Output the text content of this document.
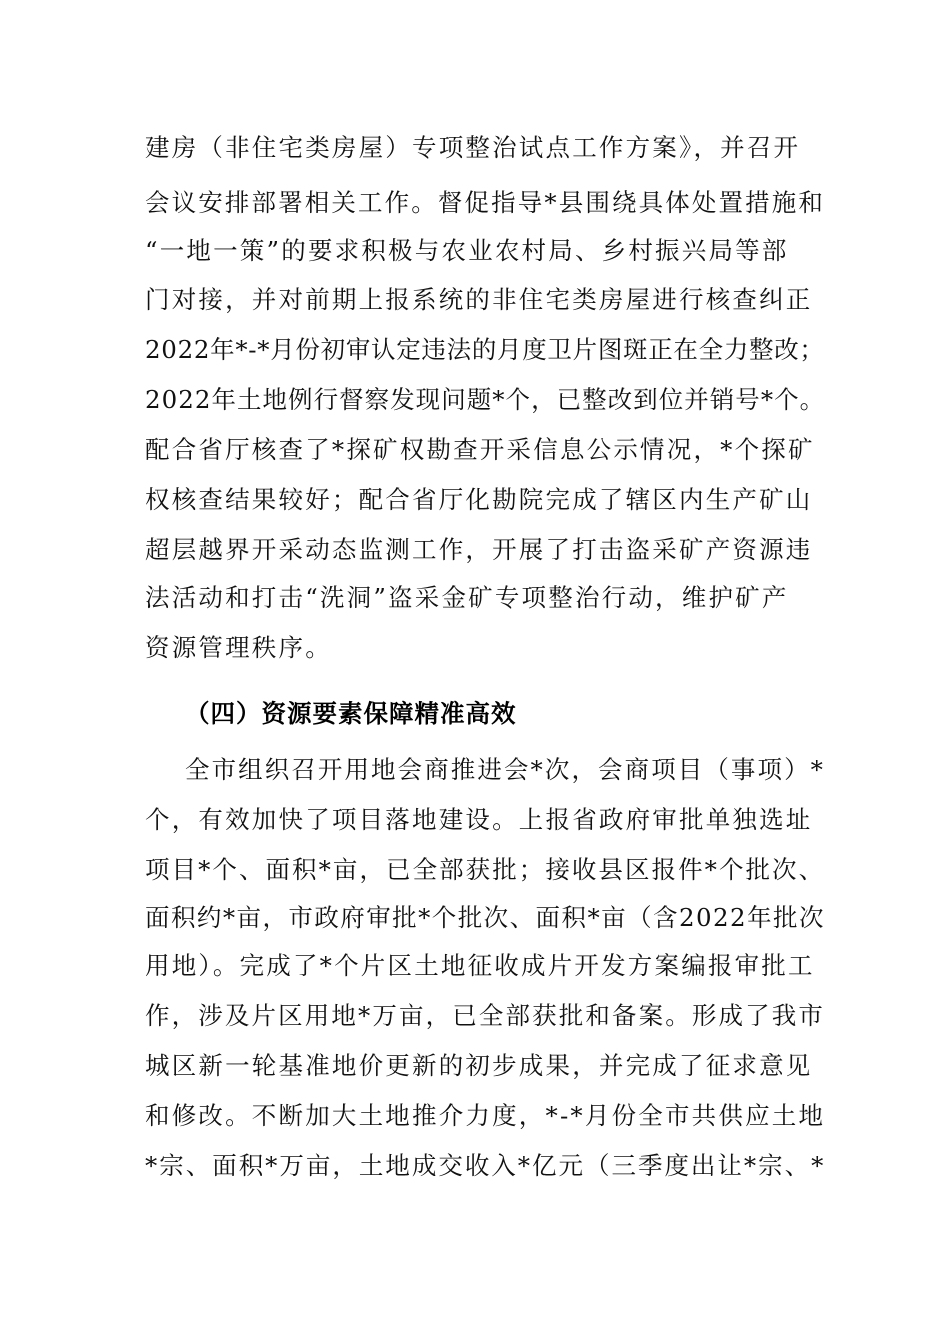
建房（非住宅类房屋）专项整治试点工作方案》，并召开
会议安排部署相关工作。督促指导*县围绕具体处置措施和
“一地一策”的要求积极与农业农村局、乡村振兴局等部
门对接，并对前期上报系统的非住宅类房屋进行核查纠正
2022年*-*月份初审认定违法的月度卫片图斑正在全力整改；
2022年土地例行督察发现问题*个，已整改到位并销号*个。
配合省厅核查了*探矿权勘查开采信息公示情况，*个探矿
权核查结果较好；配合省厅化勘院完成了辖区内生产矿山
超层越界开采动态监测工作，开展了打击盗采矿产资源违
法活动和打击“洗洞”盗采金矿专项整治行动，维护矿产
资源管理秩序。
（四）资源要素保障精准高效
全市组织召开用地会商推进会*次，会商项目（事项）*
个，有效加快了项目落地建设。上报省政府审批单独选址
项目*个、面积*亩，已全部获批；接收县区报件*个批次、
面积约*亩，市政府审批*个批次、面积*亩（含2022年批次
用地）。完成了*个片区土地征收成片开发方案编报审批工
作，涉及片区用地*万亩，已全部获批和备案。形成了我市
城区新一轮基准地价更新的初步成果，并完成了征求意见
和修改。不断加大土地推介力度，*-*月份全市共供应土地
*宗、面积*万亩，土地成交收入*亿元（三季度出让*宗、*
